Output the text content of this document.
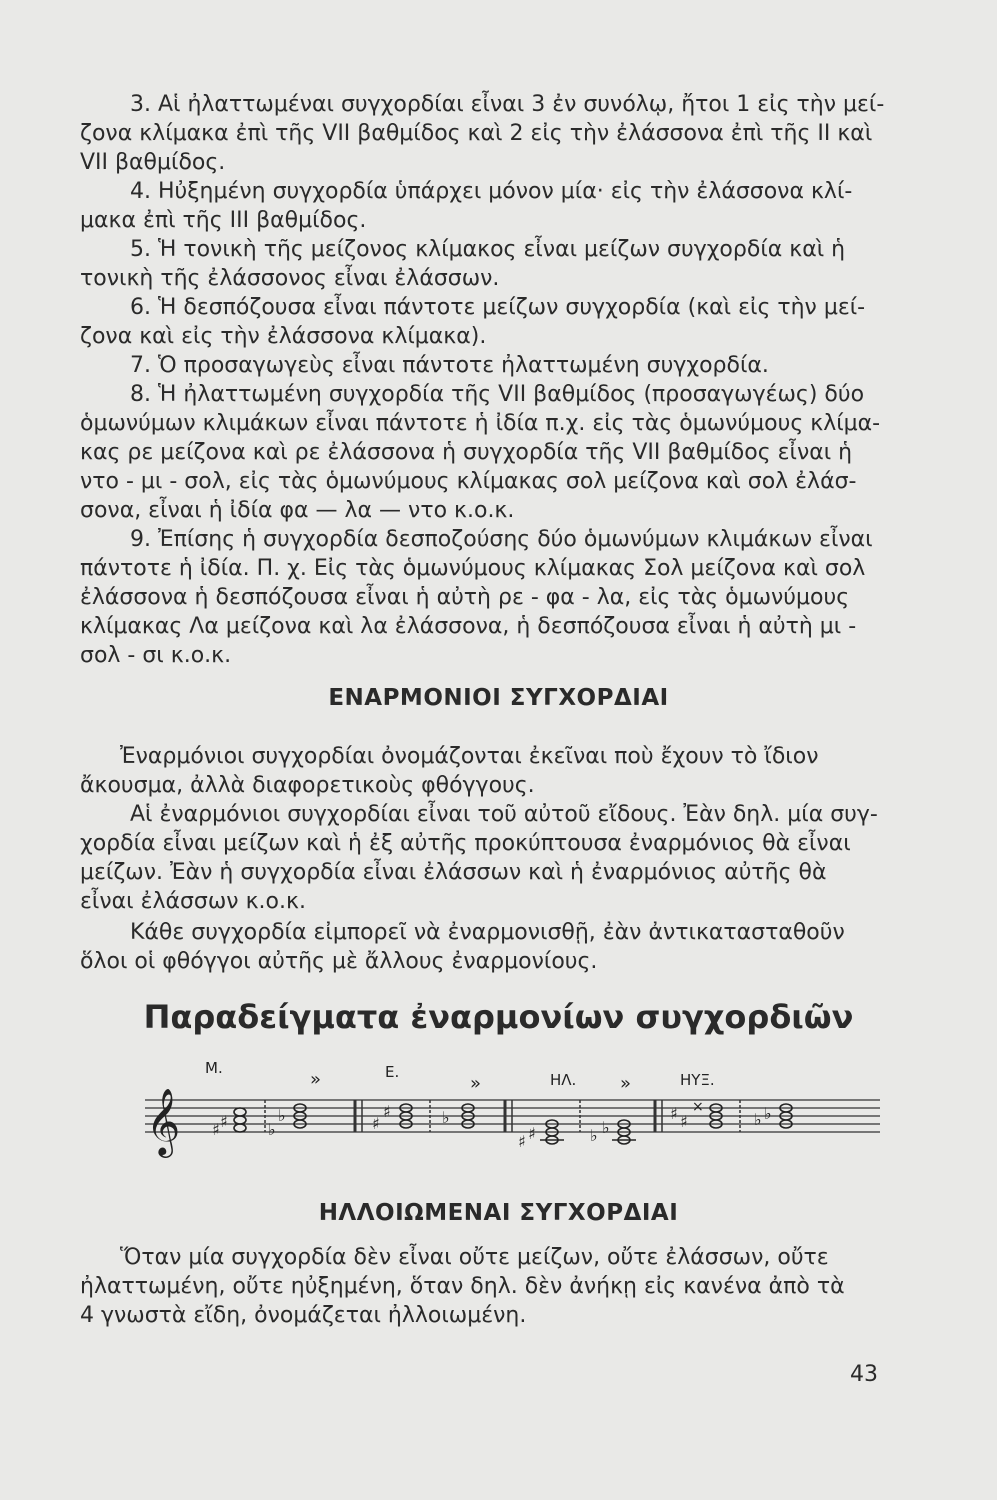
3. Αἱ ἠλαττωμέναι συγχορδίαι εἶναι 3 ἐν συνόλῳ, ἤτοι 1 εἰς τὴν μεί-
ζονα κλίμακα ἐπὶ τῆς VII βαθμίδος καὶ 2 εἰς τὴν ἐλάσσονα ἐπὶ τῆς II καὶ
VII βαθμίδος.
4. Ηὐξημένη συγχορδία ὑπάρχει μόνον μία· εἰς τὴν ἐλάσσονα κλί-
μακα ἐπὶ τῆς III βαθμίδος.
5. Ἡ τονικὴ τῆς μείζονος κλίμακος εἶναι μείζων συγχορδία καὶ ἡ
τονικὴ τῆς ἐλάσσονος εἶναι ἐλάσσων.
6. Ἡ δεσπόζουσα εἶναι πάντοτε μείζων συγχορδία (καὶ εἰς τὴν μεί-
ζονα καὶ εἰς τὴν ἐλάσσονα κλίμακα).
7. Ὁ προσαγωγεὺς εἶναι πάντοτε ἠλαττωμένη συγχορδία.
8. Ἡ ἠλαττωμένη συγχορδία τῆς VII βαθμίδος (προσαγωγέως) δύο
ὁμωνύμων κλιμάκων εἶναι πάντοτε ἡ ἰδία π.χ. εἰς τὰς ὁμωνύμους κλίμα-
κας ρε μείζονα καὶ ρε ἐλάσσονα ἡ συγχορδία τῆς VII βαθμίδος εἶναι ἡ
ντο - μι - σολ, εἰς τὰς ὁμωνύμους κλίμακας σολ μείζονα καὶ σολ ἐλάσ-
σονα, εἶναι ἡ ἰδία φα — λα — ντο κ.ο.κ.
9. Ἐπίσης ἡ συγχορδία δεσποζούσης δύο ὁμωνύμων κλιμάκων εἶναι
πάντοτε ἡ ἰδία. Π. χ. Εἰς τὰς ὁμωνύμους κλίμακας Σολ μείζονα καὶ σολ
ἐλάσσονα ἡ δεσπόζουσα εἶναι ἡ αὐτὴ ρε - φα - λα, εἰς τὰς ὁμωνύμους
κλίμακας Λα μείζονα καὶ λα ἐλάσσονα, ἡ δεσπόζουσα εἶναι ἡ αὐτὴ μι -
σολ - σι κ.ο.κ.
ΕΝΑΡΜΟΝΙΟΙ ΣΥΓΧΟΡΔΙΑΙ
Ἐναρμόνιοι συγχορδίαι ὀνομάζονται ἐκεῖναι ποὺ ἔχουν τὸ ἴδιον
ἄκουσμα, ἀλλὰ διαφορετικοὺς φθόγγους.
Αἱ ἐναρμόνιοι συγχορδίαι εἶναι τοῦ αὐτοῦ εἴδους. Ἐὰν δηλ. μία συγ-
χορδία εἶναι μείζων καὶ ἡ ἐξ αὐτῆς προκύπτουσα ἐναρμόνιος θὰ εἶναι
μείζων. Ἐὰν ἡ συγχορδία εἶναι ἐλάσσων καὶ ἡ ἐναρμόνιος αὐτῆς θὰ
εἶναι ἐλάσσων κ.ο.κ.
Κάθε συγχορδία εἰμπορεῖ νὰ ἐναρμονισθῇ, ἐὰν ἀντικατασταθοῦν
ὅλοι οἱ φθόγγοι αὐτῆς μὲ ἄλλους ἐναρμονίους.
Παραδείγματα ἐναρμονίων συγχορδιῶν
𝄞
Μ.	Ε.	ΗΛ.	ΗΥΞ.
»	»	»
♯ ♯	♭
♭	♯
♯	♭
♯ ♯	♭ ♭
♯ ♯
×
♭ ♭
ΗΛΛΟΙΩΜΕΝΑΙ ΣΥΓΧΟΡΔΙΑΙ
Ὅταν μία συγχορδία δὲν εἶναι οὔτε μείζων, οὔτε ἐλάσσων, οὔτε
ἠλαττωμένη, οὔτε ηὐξημένη, ὅταν δηλ. δὲν ἀνήκῃ εἰς κανένα ἀπὸ τὰ
4 γνωστὰ εἴδη, ὀνομάζεται ἠλλοιωμένη.
43
